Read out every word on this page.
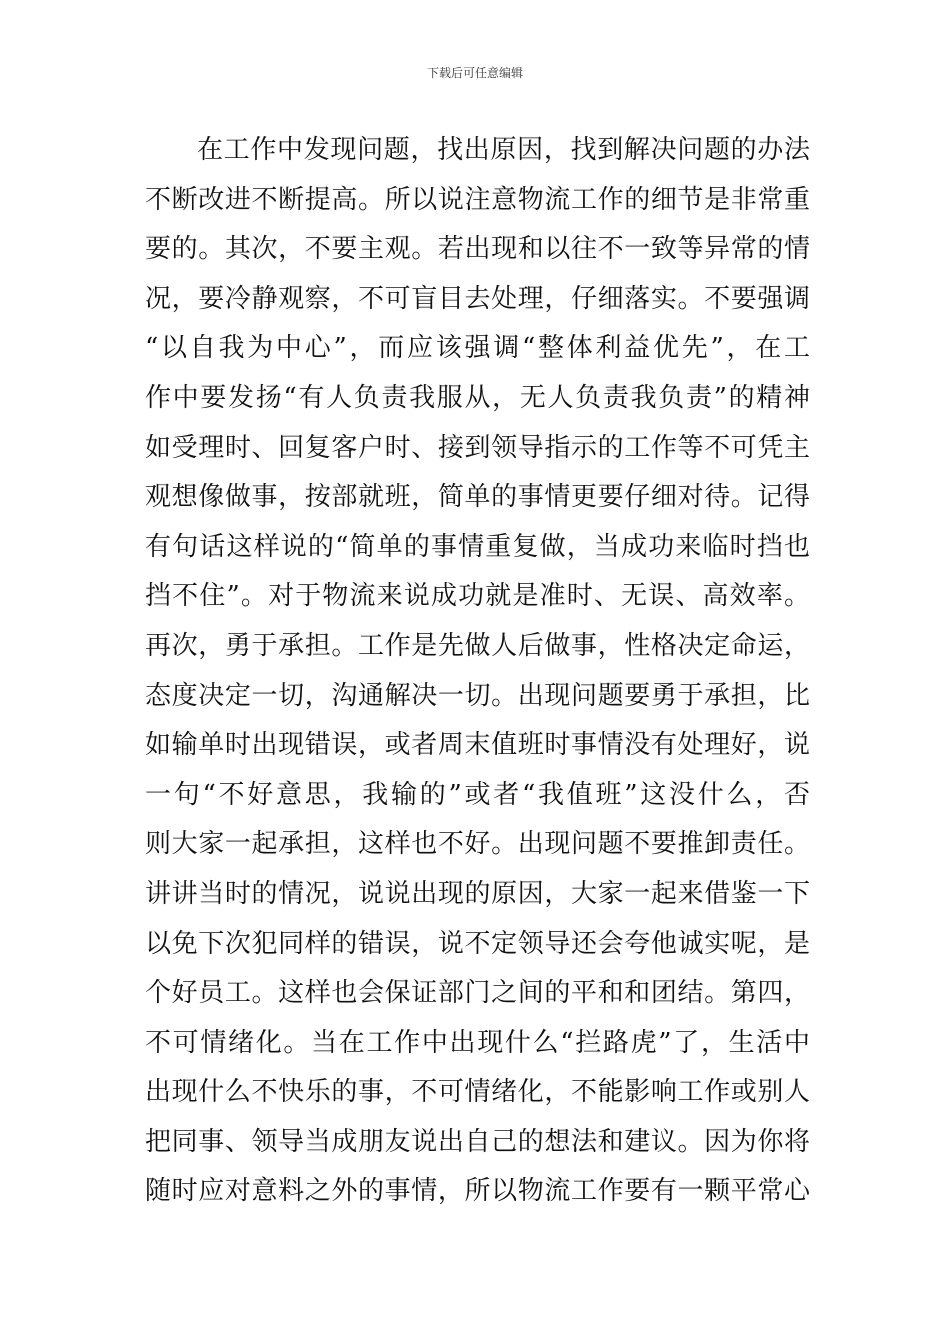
下载后可任意编辑
在工作中发现问题，找出原因，找到解决问题的办法
不断改进不断提高。所以说注意物流工作的细节是非常重
要的。其次，不要主观。若出现和以往不一致等异常的情
况，要冷静观察，不可盲目去处理，仔细落实。不要强调
“以自我为中心”，而应该强调“整体利益优先”，在工
作中要发扬“有人负责我服从，无人负责我负责”的精神
如受理时、回复客户时、接到领导指示的工作等不可凭主
观想像做事，按部就班，简单的事情更要仔细对待。记得
有句话这样说的“简单的事情重复做，当成功来临时挡也
挡不住”。对于物流来说成功就是准时、无误、高效率。
再次，勇于承担。工作是先做人后做事，性格决定命运，
态度决定一切，沟通解决一切。出现问题要勇于承担，比
如输单时出现错误，或者周末值班时事情没有处理好，说
一句“不好意思，我输的”或者“我值班”这没什么，否
则大家一起承担，这样也不好。出现问题不要推卸责任。
讲讲当时的情况，说说出现的原因，大家一起来借鉴一下
以免下次犯同样的错误，说不定领导还会夸他诚实呢，是
个好员工。这样也会保证部门之间的平和和团结。第四，
不可情绪化。当在工作中出现什么“拦路虎”了，生活中
出现什么不快乐的事，不可情绪化，不能影响工作或别人
把同事、领导当成朋友说出自己的想法和建议。因为你将
随时应对意料之外的事情，所以物流工作要有一颗平常心
